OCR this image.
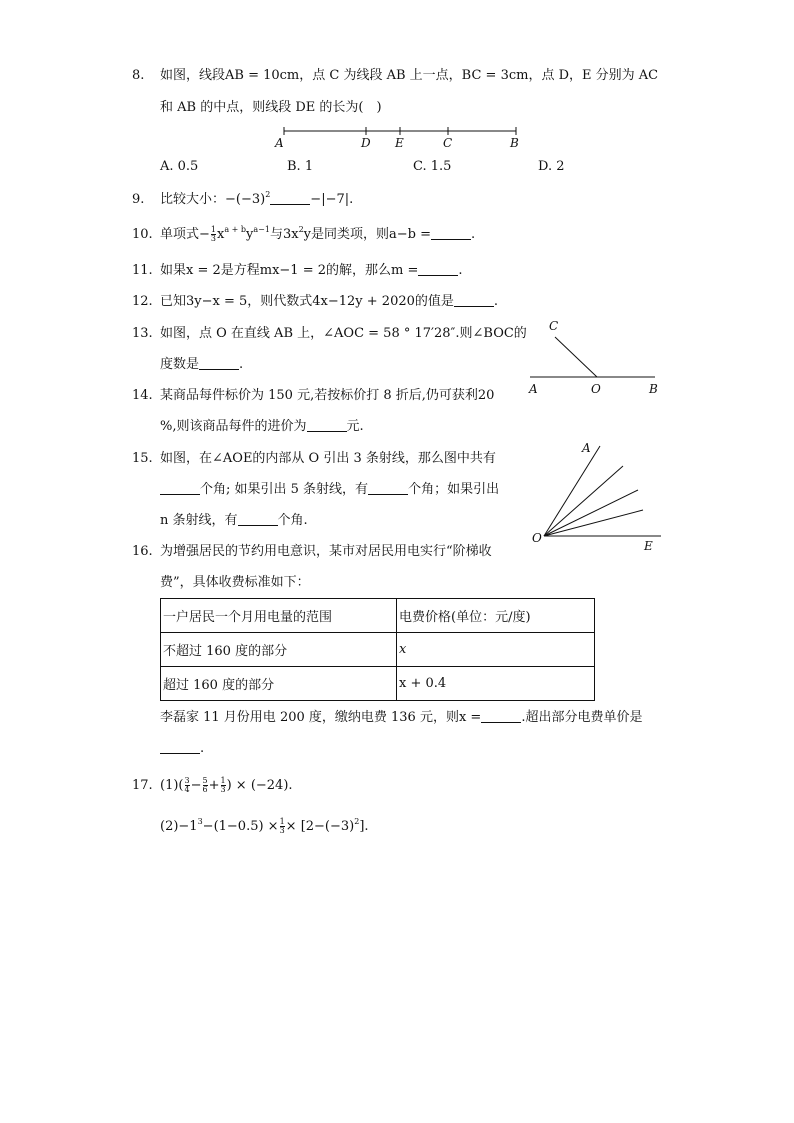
8. 如图，线段AB = 10cm，点 C 为线段 AB 上一点，BC = 3cm，点 D，E 分别为 AC
和 AB 的中点，则线段 DE 的长为(　)
A	D E	C	B
A. 0.5	B. 1	C. 1.5	D. 2
9. 比较大小：$-(-3)^2$	−|−7|.
10. 单项式− $\frac{1}{3} x^{a + b}y^{a-1}$与$3x^2y$是同类项，则a−b =	.
11. 如果x = 2是方程mx−1 = 2的解，那么m =	.
12. 已知3y−x = 5，则代数式4x−12y + 2020的值是	.
13. 如图，点 O 在直线 AB 上，∠AOC = 58 ° 17′28″.则∠BOC的
度数是	.
C
A	O	B
14. 某商品每件标价为 150 元,若按标价打 8 折后,仍可获利20
%,则该商品每件的进价为	元.
15. 如图，在∠AOE的内部从 O 引出 3 条射线，那么图中共有
个角; 如果引出 5 条射线，有	个角；如果引出
n 条射线，有	个角.
A
O
E
16. 为增强居民的节约用电意识，某市对居民用电实行“阶梯收
费”，具体收费标准如下：
一户居民一个月用电量的范围	电费价格(单位：元/度)
不超过 160 度的部分	x
超过 160 度的部分	x + 0.4
李磊家 11 月份用电 200 度，缴纳电费 136 元，则x =	.超出部分电费单价是
.
17. $(1)( \frac{3}{4} - \frac{5}{6} + \frac{1}{3}$ ) × (−24).
$(2)-1^3-(1-0.5) \times \frac{1}{3} \times [2-(-3)^2]$.
